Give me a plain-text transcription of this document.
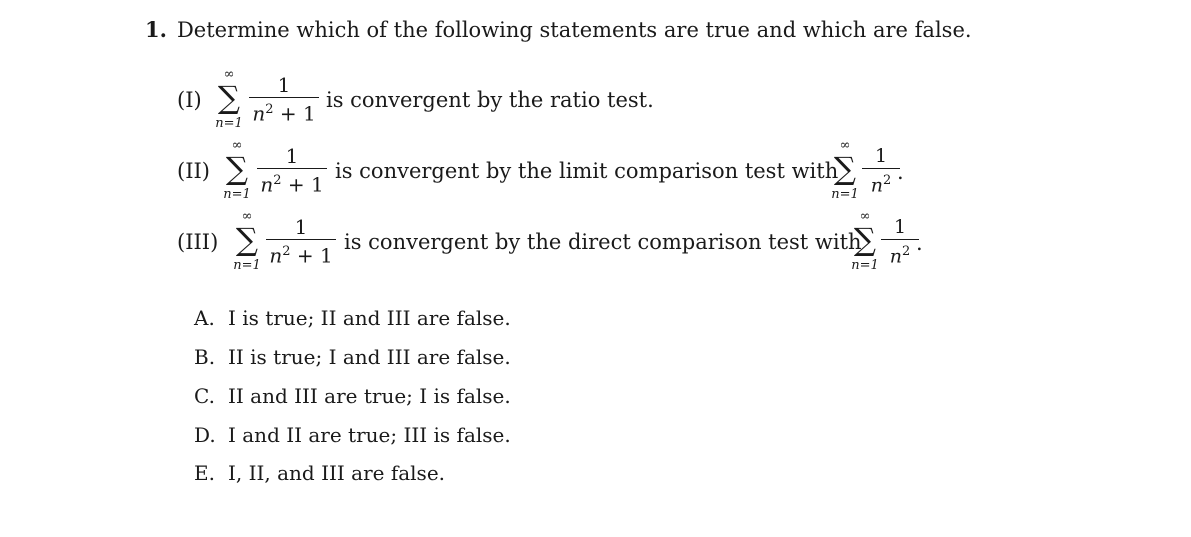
1. Determine which of the following statements are true and which are false.
(I)
∞
∑
n=1
1
$n^2 + 1$
is convergent by the ratio test.
(II)
∞
∑
n=1
1
$n^2 + 1$
is convergent by the limit comparison test with
∞
∑
n=1
1
$n^2$ .
(III)
∞
∑
n=1
1
$n^2 + 1$
is convergent by the direct comparison test with
∞
∑
n=1
1
$n^2$ .
A. I is true; II and III are false.
B. II is true; I and III are false.
C. II and III are true; I is false.
D. I and II are true; III is false.
E. I, II, and III are false.
